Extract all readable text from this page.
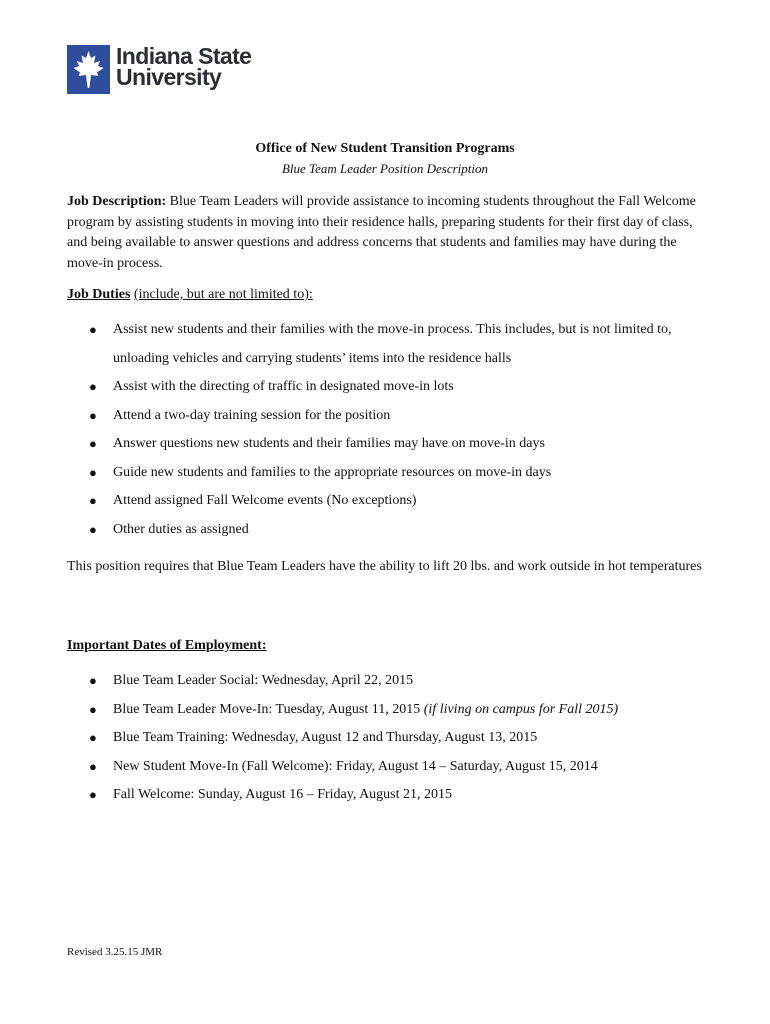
Indiana State
University
Office of New Student Transition Programs
Blue Team Leader Position Description
Job Description: Blue Team Leaders will provide assistance to incoming students throughout the Fall Welcome program by assisting students in moving into their residence halls, preparing students for their first day of class, and being available to answer questions and address concerns that students and families may have during the move-in process.
Job Duties (include, but are not limited to):
● Assist new students and their families with the move-in process. This includes, but is not limited to, unloading vehicles and carrying students’ items into the residence halls
● Assist with the directing of traffic in designated move-in lots
● Attend a two-day training session for the position
● Answer questions new students and their families may have on move-in days
● Guide new students and families to the appropriate resources on move-in days
● Attend assigned Fall Welcome events (No exceptions)
● Other duties as assigned
This position requires that Blue Team Leaders have the ability to lift 20 lbs. and work outside in hot temperatures
Important Dates of Employment:
● Blue Team Leader Social: Wednesday, April 22, 2015
● Blue Team Leader Move-In: Tuesday, August 11, 2015 (if living on campus for Fall 2015)
● Blue Team Training: Wednesday, August 12 and Thursday, August 13, 2015
● New Student Move-In (Fall Welcome): Friday, August 14 – Saturday, August 15, 2014
● Fall Welcome: Sunday, August 16 – Friday, August 21, 2015
Revised 3.25.15 JMR
